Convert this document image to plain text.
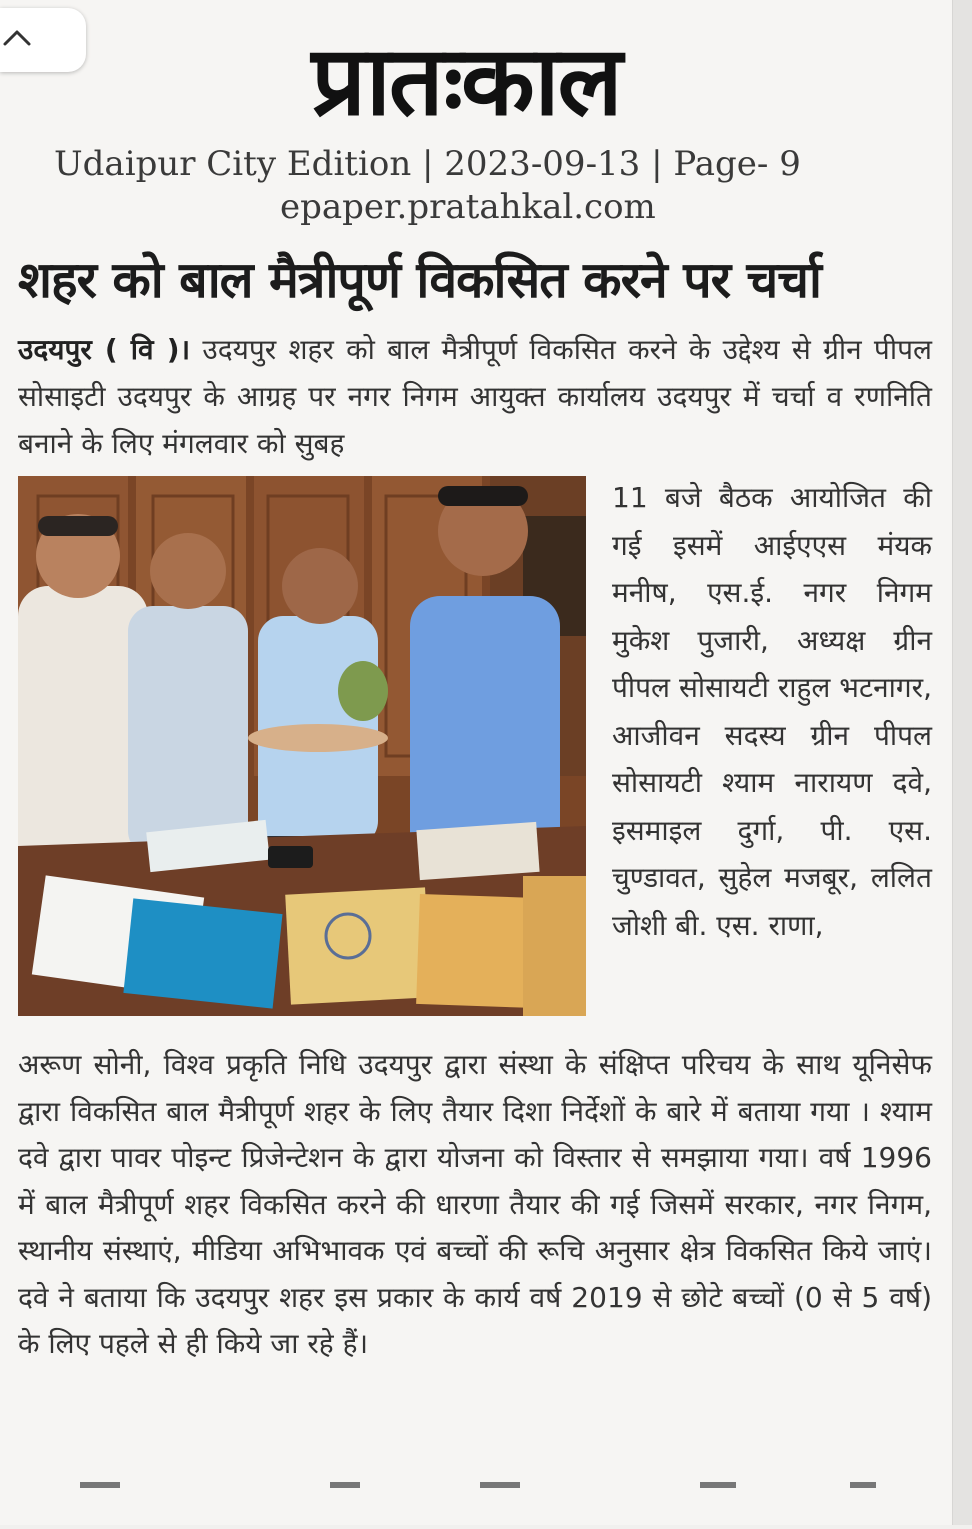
प्रातःकाल
Udaipur City Edition | 2023-09-13 | Page- 9
epaper.pratahkal.com
शहर को बाल मैत्रीपूर्ण विकसित करने पर चर्चा
उदयपुर ( वि )। उदयपुर शहर को बाल मैत्रीपूर्ण विकसित करने के उद्देश्य से ग्रीन पीपल सोसाइटी उदयपुर के आग्रह पर नगर निगम आयुक्त कार्यालय उदयपुर में चर्चा व रणनिति बनाने के लिए मंगलवार को सुबह
11 बजे बैठक आयोजित की गई इसमें आईएएस मंयक मनीष, एस.ई. नगर निगम मुकेश पुजारी, अध्यक्ष ग्रीन पीपल सोसायटी राहुल भटनागर, आजीवन सदस्य ग्रीन पीपल सोसायटी श्याम नारायण दवे, इसमाइल दुर्गा, पी. एस. चुण्डावत, सुहेल मजबूर, ललित जोशी बी. एस. राणा,
अरूण सोनी, विश्व प्रकृति निधि उदयपुर द्वारा संस्था के संक्षिप्त परिचय के साथ यूनिसेफ द्वारा विकसित बाल मैत्रीपूर्ण शहर के लिए तैयार दिशा निर्देशों के बारे में बताया गया । श्याम दवे द्वारा पावर पोइन्ट प्रिजेन्टेशन के द्वारा योजना को विस्तार से समझाया गया। वर्ष 1996 में बाल मैत्रीपूर्ण शहर विकसित करने की धारणा तैयार की गई जिसमें सरकार, नगर निगम, स्थानीय संस्थाएं, मीडिया अभिभावक एवं बच्चों की रूचि अनुसार क्षेत्र विकसित किये जाएं। दवे ने बताया कि उदयपुर शहर इस प्रकार के कार्य वर्ष 2019 से छोटे बच्चों (0 से 5 वर्ष) के लिए पहले से ही किये जा रहे हैं।
